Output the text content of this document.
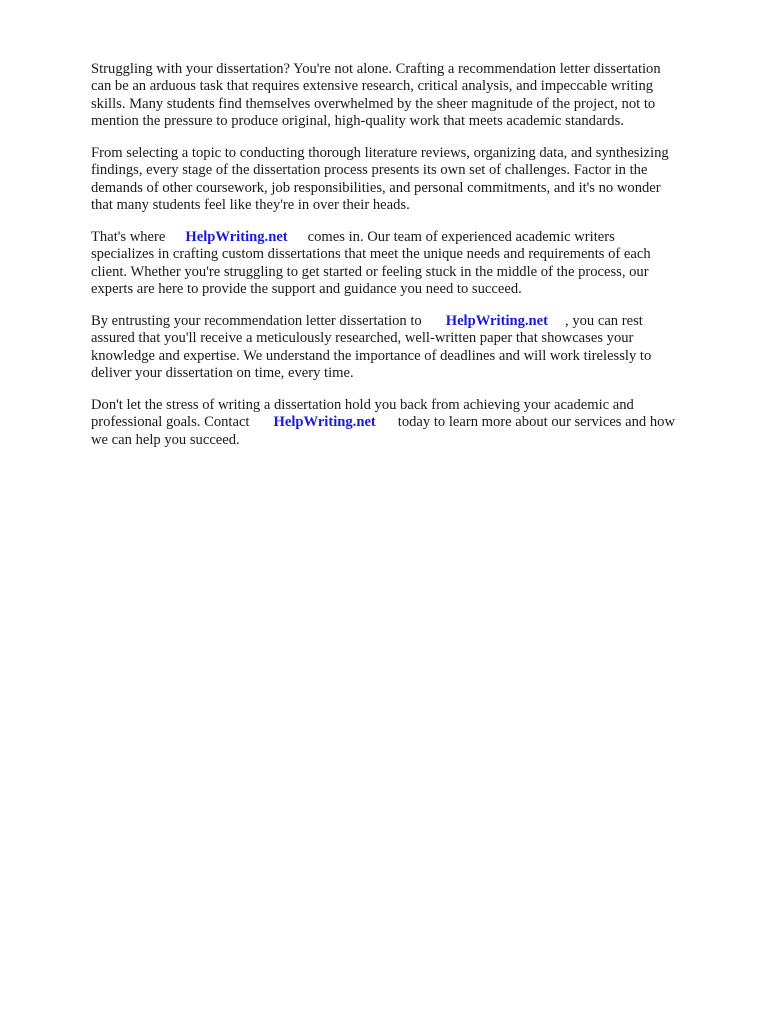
Struggling with your dissertation? You're not alone. Crafting a recommendation letter dissertation
can be an arduous task that requires extensive research, critical analysis, and impeccable writing
skills. Many students find themselves overwhelmed by the sheer magnitude of the project, not to
mention the pressure to produce original, high-quality work that meets academic standards.

From selecting a topic to conducting thorough literature reviews, organizing data, and synthesizing
findings, every stage of the dissertation process presents its own set of challenges. Factor in the
demands of other coursework, job responsibilities, and personal commitments, and it's no wonder
that many students feel like they're in over their heads.

That's where HelpWriting.net comes in. Our team of experienced academic writers
specializes in crafting custom dissertations that meet the unique needs and requirements of each
client. Whether you're struggling to get started or feeling stuck in the middle of the process, our
experts are here to provide the support and guidance you need to succeed.

By entrusting your recommendation letter dissertation to HelpWriting.net , you can rest
assured that you'll receive a meticulously researched, well-written paper that showcases your
knowledge and expertise. We understand the importance of deadlines and will work tirelessly to
deliver your dissertation on time, every time.

Don't let the stress of writing a dissertation hold you back from achieving your academic and
professional goals. Contact HelpWriting.net today to learn more about our services and how
we can help you succeed.
